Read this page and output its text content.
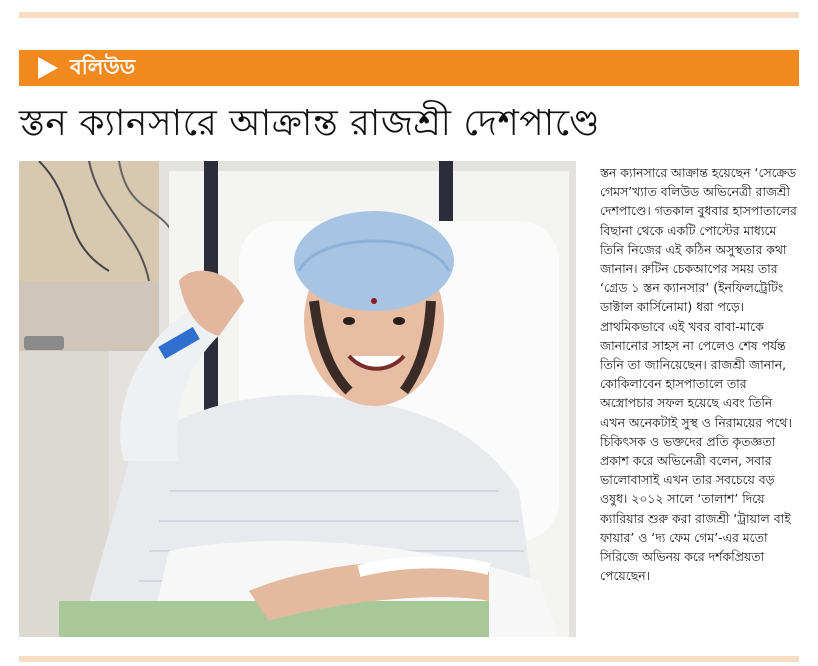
বলিউড
স্তন ক্যানসারে আক্রান্ত রাজশ্রী দেশপাণ্ডে
স্তন ক্যানসারে আক্রান্ত হয়েছেন ‘সেক্রেড গেমস’খ্যাত বলিউড অভিনেত্রী রাজশ্রী দেশপাণ্ডে। গতকাল বুধবার হাসপাতালের বিছানা থেকে একটি পোস্টের মাধ্যমে তিনি নিজের এই কঠিন অসুস্থতার কথা জানান। রুটিন চেকআপের সময় তার ‘গ্রেড ১ স্তন ক্যানসার’ (ইনফিলট্রেটিং ডাক্টাল কার্সিনোমা) ধরা পড়ে। প্রাথমিকভাবে এই খবর বাবা-মাকে জানানোর সাহস না পেলেও শেষ পর্যন্ত তিনি তা জানিয়েছেন। রাজশ্রী জানান, কোকিলাবেন হাসপাতালে তার অস্ত্রোপচার সফল হয়েছে এবং তিনি এখন অনেকটাই সুস্থ ও নিরাময়ের পথে। চিকিৎসক ও ভক্তদের প্রতি কৃতজ্ঞতা প্রকাশ করে অভিনেত্রী বলেন, সবার ভালোবাসাই এখন তার সবচেয়ে বড় ওষুধ। ২০১২ সালে ‘তালাশ’ দিয়ে ক্যারিয়ার শুরু করা রাজশ্রী ‘ট্রায়াল বাই ফায়ার’ ও ‘দ্য ফেম গেম’-এর মতো সিরিজে অভিনয় করে দর্শকপ্রিয়তা পেয়েছেন।
